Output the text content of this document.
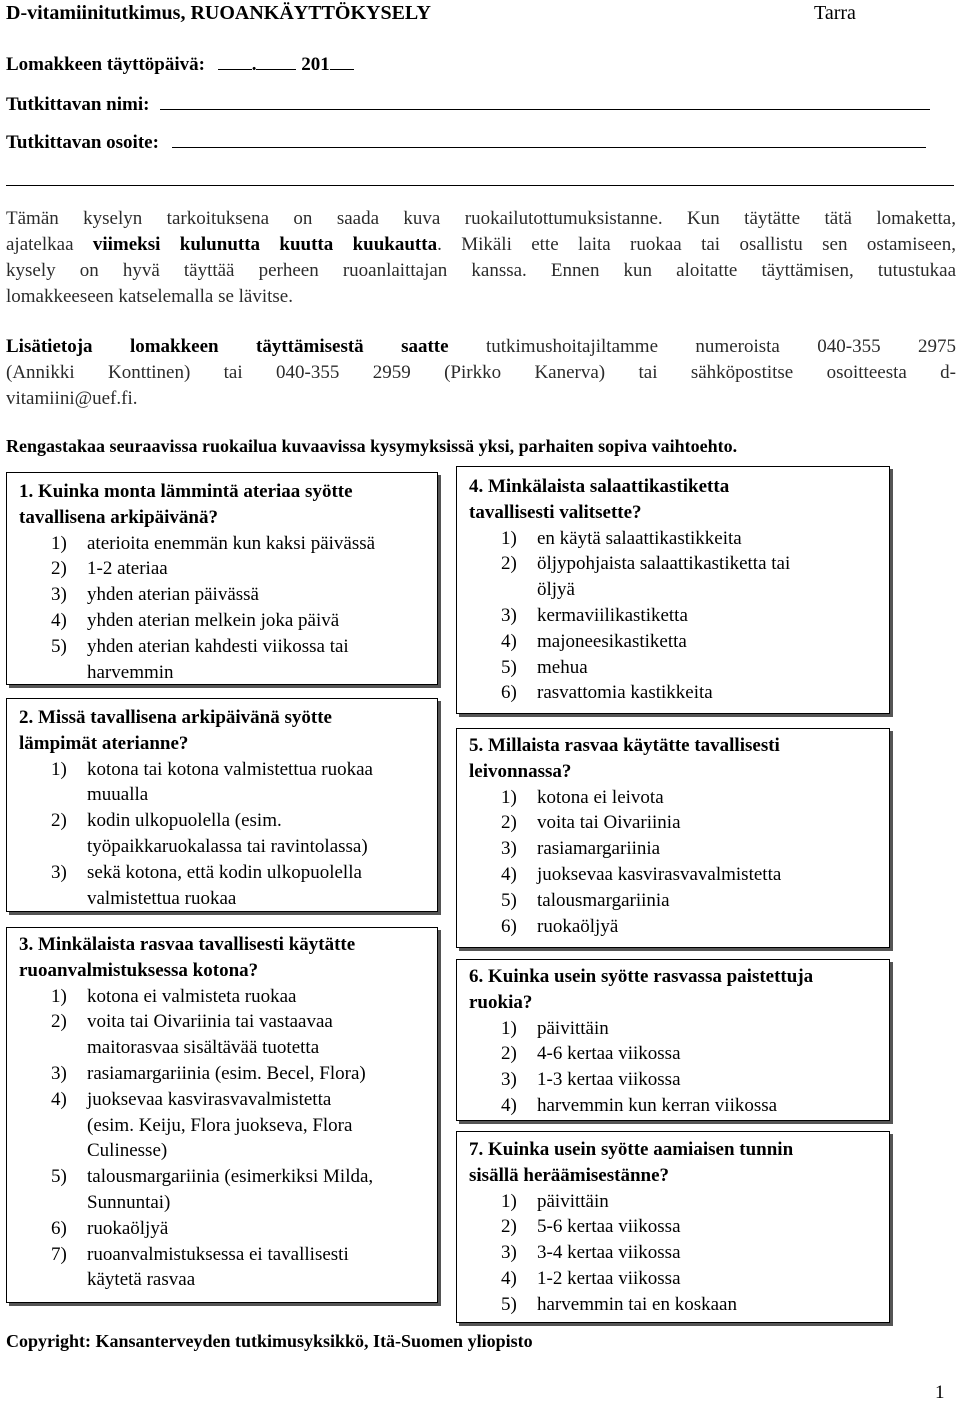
D-vitamiinitutkimus, RUOANKÄYTTÖKYSELY	Tarra
Lomakkeen täyttöpäivä: . 201
Tutkittavan nimi:
Tutkittavan osoite:
Tämän kyselyn tarkoituksena on saada kuva ruokailutottumuksistanne. Kun täytätte tätä lomaketta,
ajatelkaa viimeksi kulunutta kuutta kuukautta. Mikäli ette laita ruokaa tai osallistu sen ostamiseen,
kysely on hyvä täyttää perheen ruoanlaittajan kanssa. Ennen kun aloitatte täyttämisen, tutustukaa
lomakkeeseen katselemalla se lävitse.
Lisätietoja lomakkeen täyttämisestä saatte tutkimushoitajiltamme numeroista 040-355 2975
(Annikki Konttinen) tai 040-355 2959 (Pirkko Kanerva) tai sähköpostitse osoitteesta d-
vitamiini@uef.fi.
Rengastakaa seuraavissa ruokailua kuvaavissa kysymyksissä yksi, parhaiten sopiva vaihtoehto.
1. Kuinka monta lämmintä ateriaa syötte
tavallisena arkipäivänä?
1) aterioita enemmän kun kaksi päivässä
2) 1-2 ateriaa
3) yhden aterian päivässä
4) yhden aterian melkein joka päivä
5) yhden aterian kahdesti viikossa tai
harvemmin
2. Missä tavallisena arkipäivänä syötte
lämpimät aterianne?
1) kotona tai kotona valmistettua ruokaa
muualla
2) kodin ulkopuolella (esim.
työpaikkaruokalassa tai ravintolassa)
3) sekä kotona, että kodin ulkopuolella
valmistettua ruokaa
3. Minkälaista rasvaa tavallisesti käytätte
ruoanvalmistuksessa kotona?
1) kotona ei valmisteta ruokaa
2) voita tai Oivariinia tai vastaavaa
maitorasvaa sisältävää tuotetta
3) rasiamargariinia (esim. Becel, Flora)
4) juoksevaa kasvirasvavalmistetta
(esim. Keiju, Flora juokseva, Flora
Culinesse)
5) talousmargariinia (esimerkiksi Milda,
Sunnuntai)
6) ruokaöljyä
7) ruoanvalmistuksessa ei tavallisesti
käytetä rasvaa
4. Minkälaista salaattikastiketta
tavallisesti valitsette?
1) en käytä salaattikastikkeita
2) öljypohjaista salaattikastiketta tai
öljyä
3) kermaviilikastiketta
4) majoneesikastiketta
5) mehua
6) rasvattomia kastikkeita
5. Millaista rasvaa käytätte tavallisesti
leivonnassa?
1) kotona ei leivota
2) voita tai Oivariinia
3) rasiamargariinia
4) juoksevaa kasvirasvavalmistetta
5) talousmargariinia
6) ruokaöljyä
6. Kuinka usein syötte rasvassa paistettuja
ruokia?
1) päivittäin
2) 4-6 kertaa viikossa
3) 1-3 kertaa viikossa
4) harvemmin kun kerran viikossa
7. Kuinka usein syötte aamiaisen tunnin
sisällä heräämisestänne?
1) päivittäin
2) 5-6 kertaa viikossa
3) 3-4 kertaa viikossa
4) 1-2 kertaa viikossa
5) harvemmin tai en koskaan
Copyright: Kansanterveyden tutkimusyksikkö, Itä-Suomen yliopisto
1
